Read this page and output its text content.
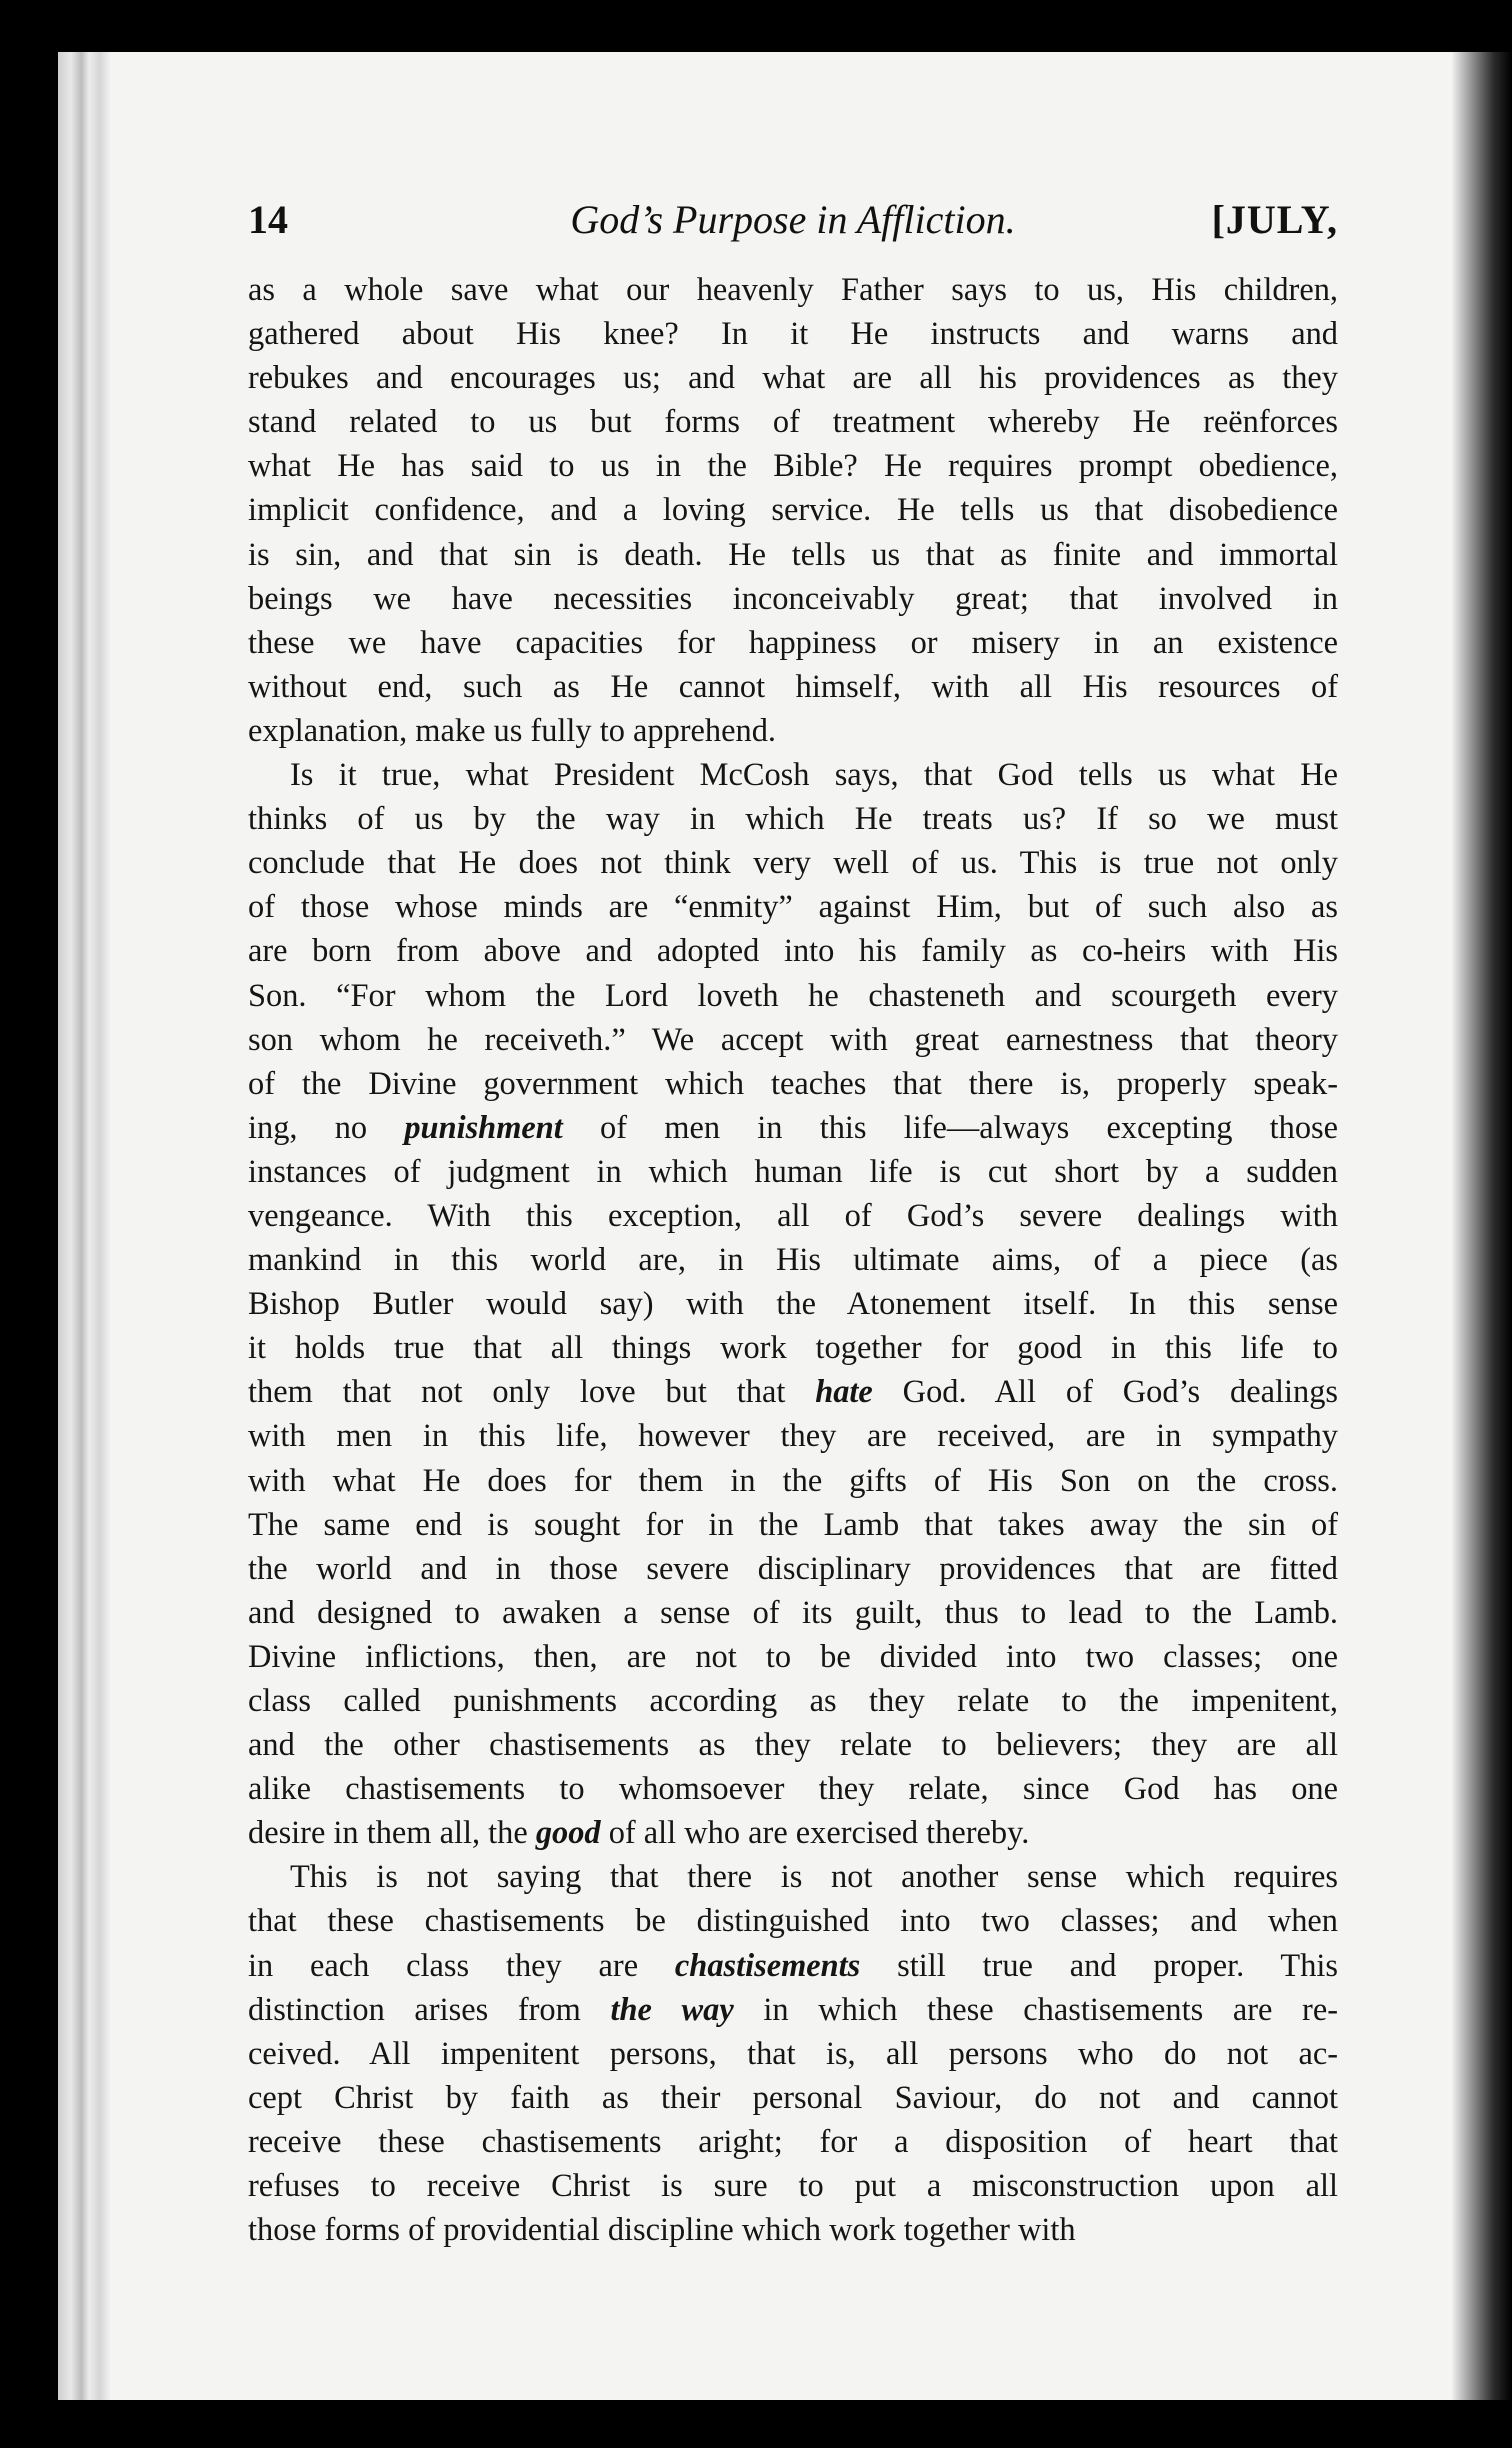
14	God’s Purpose in Affliction.	[JULY,
as a whole save what our heavenly Father says to us, His children,
gathered about His knee? In it He instructs and warns and
rebukes and encourages us; and what are all his providences as they
stand related to us but forms of treatment whereby He reënforces
what He has said to us in the Bible? He requires prompt obedience,
implicit confidence, and a loving service. He tells us that disobedience
is sin, and that sin is death. He tells us that as finite and immortal
beings we have necessities inconceivably great; that involved in
these we have capacities for happiness or misery in an existence
without end, such as He cannot himself, with all His resources of
explanation, make us fully to apprehend.
Is it true, what President McCosh says, that God tells us what He
thinks of us by the way in which He treats us? If so we must
conclude that He does not think very well of us. This is true not only
of those whose minds are “enmity” against Him, but of such also as
are born from above and adopted into his family as co-heirs with His
Son. “For whom the Lord loveth he chasteneth and scourgeth every
son whom he receiveth.” We accept with great earnestness that theory
of the Divine government which teaches that there is, properly speak-
ing, no punishment of men in this life—always excepting those
instances of judgment in which human life is cut short by a sudden
vengeance. With this exception, all of God’s severe dealings with
mankind in this world are, in His ultimate aims, of a piece (as
Bishop Butler would say) with the Atonement itself. In this sense
it holds true that all things work together for good in this life to
them that not only love but that hate God. All of God’s dealings
with men in this life, however they are received, are in sympathy
with what He does for them in the gifts of His Son on the cross.
The same end is sought for in the Lamb that takes away the sin of
the world and in those severe disciplinary providences that are fitted
and designed to awaken a sense of its guilt, thus to lead to the Lamb.
Divine inflictions, then, are not to be divided into two classes; one
class called punishments according as they relate to the impenitent,
and the other chastisements as they relate to believers; they are all
alike chastisements to whomsoever they relate, since God has one
desire in them all, the good of all who are exercised thereby.
This is not saying that there is not another sense which requires
that these chastisements be distinguished into two classes; and when
in each class they are chastisements still true and proper. This
distinction arises from the way in which these chastisements are re-
ceived. All impenitent persons, that is, all persons who do not ac-
cept Christ by faith as their personal Saviour, do not and cannot
receive these chastisements aright; for a disposition of heart that
refuses to receive Christ is sure to put a misconstruction upon all
those forms of providential discipline which work together with
